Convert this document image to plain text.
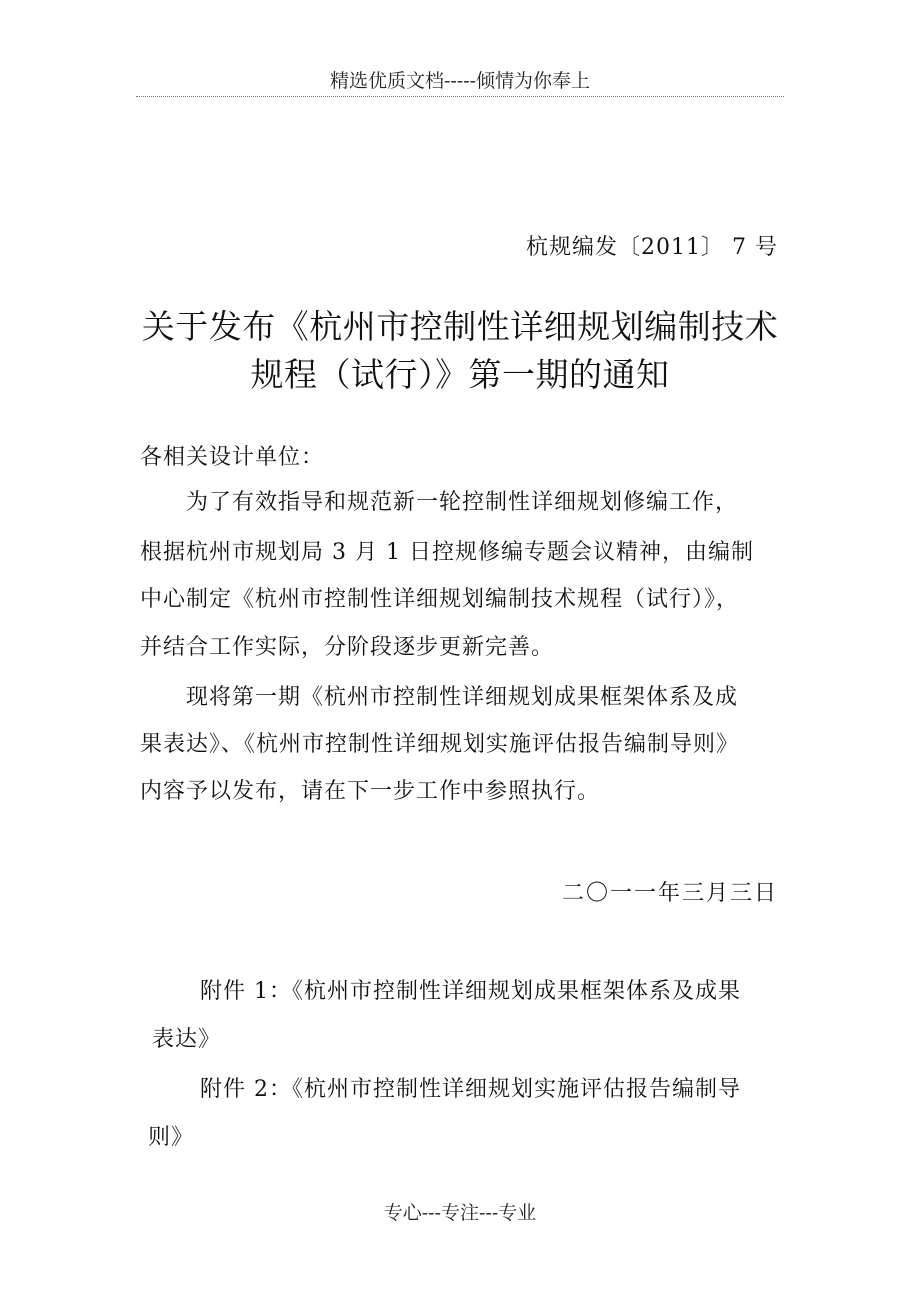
精选优质文档-----倾情为你奉上
杭规编发〔2011〕 7 号
关于发布《杭州市控制性详细规划编制技术
规程（试行）》第一期的通知
各相关设计单位：
为了有效指导和规范新一轮控制性详细规划修编工作，
根据杭州市规划局 3 月 1 日控规修编专题会议精神，由编制
中心制定《杭州市控制性详细规划编制技术规程（试行）》，
并结合工作实际，分阶段逐步更新完善。
现将第一期《杭州市控制性详细规划成果框架体系及成
果表达》、《杭州市控制性详细规划实施评估报告编制导则》
内容予以发布，请在下一步工作中参照执行。
二〇一一年三月三日
附件 1：《杭州市控制性详细规划成果框架体系及成果
表达》
附件 2：《杭州市控制性详细规划实施评估报告编制导
则》
专心---专注---专业
